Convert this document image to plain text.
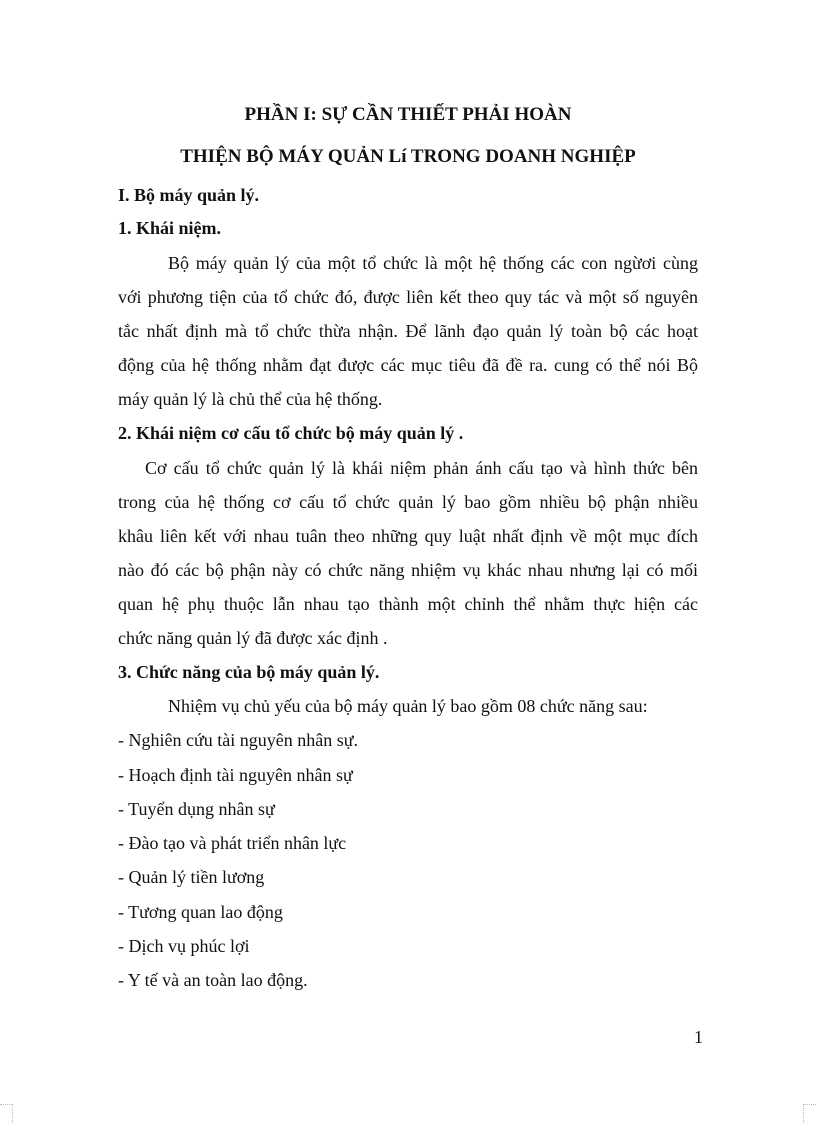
PHẦN I: SỰ CẦN THIẾT PHẢI HOÀN
THIỆN BỘ MÁY QUẢN Lí TRONG DOANH NGHIỆP
I. Bộ máy quản lý.
1. Khái niệm.
Bộ máy quản lý của một tổ chức là một hệ thống các con ngừơi cùng
với phương tiện của tổ chức đó, được liên kết theo quy tác và một số nguyên
tắc nhất định mà tổ chức thừa nhận. Để lãnh đạo quản lý toàn bộ các hoạt
động của hệ thống nhằm đạt được các mục tiêu đã đề ra. cung có thể nói Bộ
máy quản lý là chủ thể của hệ thống.
2. Khái niệm cơ cấu tổ chức bộ máy quản lý .
Cơ cấu tổ chức quản lý là khái niệm phản ánh cấu tạo và hình thức bên
trong của hệ thống cơ cấu tổ chức quản lý bao gồm nhiều bộ phận nhiều
khâu liên kết với nhau tuân theo những quy luật nhất định về một mục đích
nào đó các bộ phận này có chức năng nhiệm vụ khác nhau nhưng lại có mối
quan hệ phụ thuộc lẫn nhau tạo thành một chỉnh thể nhằm thực hiện các
chức năng quản lý đã được xác định .
3. Chức năng của bộ máy quản lý.
Nhiệm vụ chủ yếu của bộ máy quản lý bao gồm 08 chức năng sau:
- Nghiên cứu tài nguyên nhân sự.
- Hoạch định tài nguyên nhân sự
- Tuyển dụng nhân sự
- Đào tạo và phát triển nhân lực
- Quản lý tiền lương
- Tương quan lao động
- Dịch vụ phúc lợi
- Y tế và an toàn lao động.
1
